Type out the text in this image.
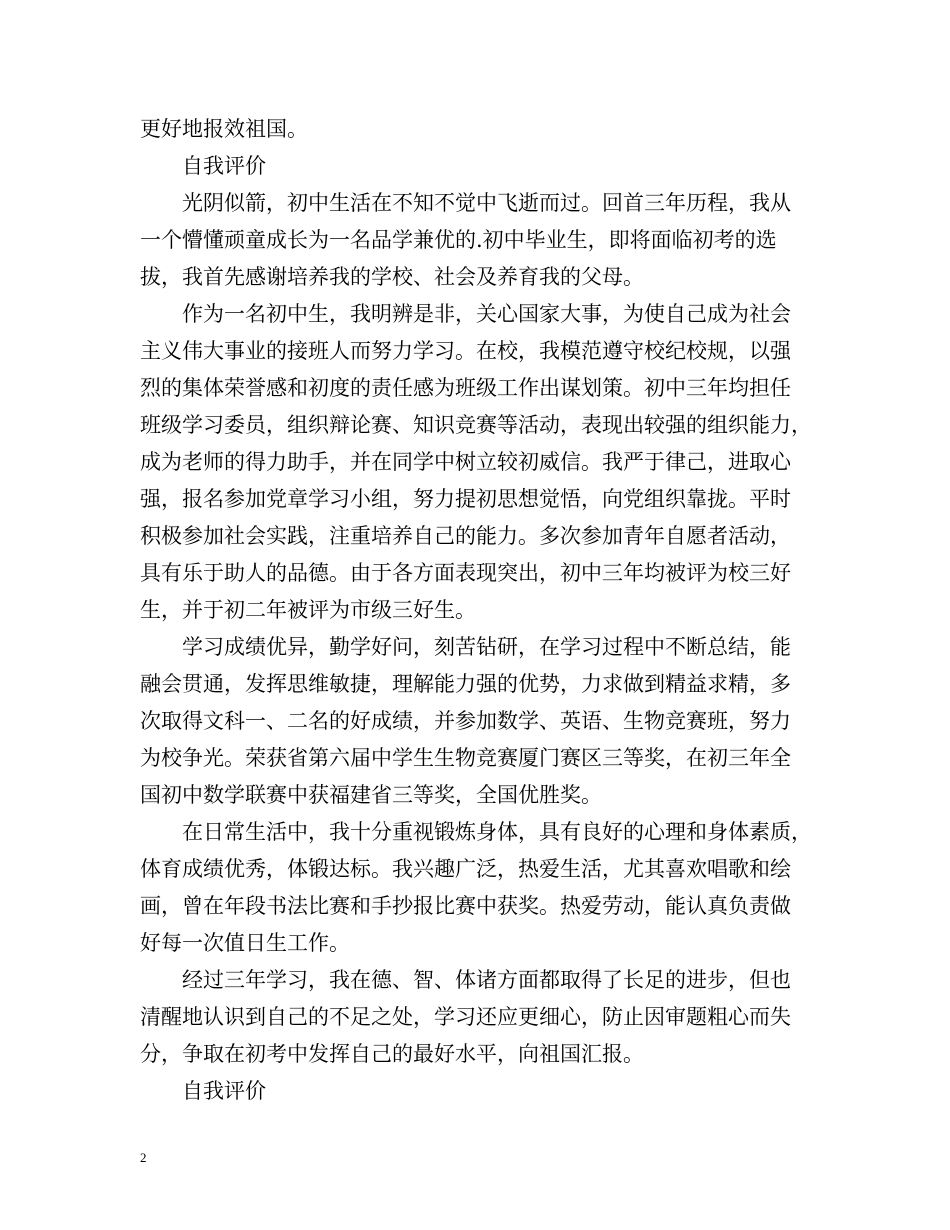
更好地报效祖国。
自我评价
光阴似箭，初中生活在不知不觉中飞逝而过。回首三年历程，我从
一个懵懂顽童成长为一名品学兼优的.初中毕业生，即将面临初考的选
拔，我首先感谢培养我的学校、社会及养育我的父母。
作为一名初中生，我明辨是非，关心国家大事，为使自己成为社会
主义伟大事业的接班人而努力学习。在校，我模范遵守校纪校规，以强
烈的集体荣誉感和初度的责任感为班级工作出谋划策。初中三年均担任
班级学习委员，组织辩论赛、知识竞赛等活动，表现出较强的组织能力，
成为老师的得力助手，并在同学中树立较初威信。我严于律己，进取心
强，报名参加党章学习小组，努力提初思想觉悟，向党组织靠拢。平时
积极参加社会实践，注重培养自己的能力。多次参加青年自愿者活动，
具有乐于助人的品德。由于各方面表现突出，初中三年均被评为校三好
生，并于初二年被评为市级三好生。
学习成绩优异，勤学好问，刻苦钻研，在学习过程中不断总结，能
融会贯通，发挥思维敏捷，理解能力强的优势，力求做到精益求精，多
次取得文科一、二名的好成绩，并参加数学、英语、生物竞赛班，努力
为校争光。荣获省第六届中学生生物竞赛厦门赛区三等奖，在初三年全
国初中数学联赛中获福建省三等奖，全国优胜奖。
在日常生活中，我十分重视锻炼身体，具有良好的心理和身体素质，
体育成绩优秀，体锻达标。我兴趣广泛，热爱生活，尤其喜欢唱歌和绘
画，曾在年段书法比赛和手抄报比赛中获奖。热爱劳动，能认真负责做
好每一次值日生工作。
经过三年学习，我在德、智、体诸方面都取得了长足的进步，但也
清醒地认识到自己的不足之处，学习还应更细心，防止因审题粗心而失
分，争取在初考中发挥自己的最好水平，向祖国汇报。
自我评价
2
